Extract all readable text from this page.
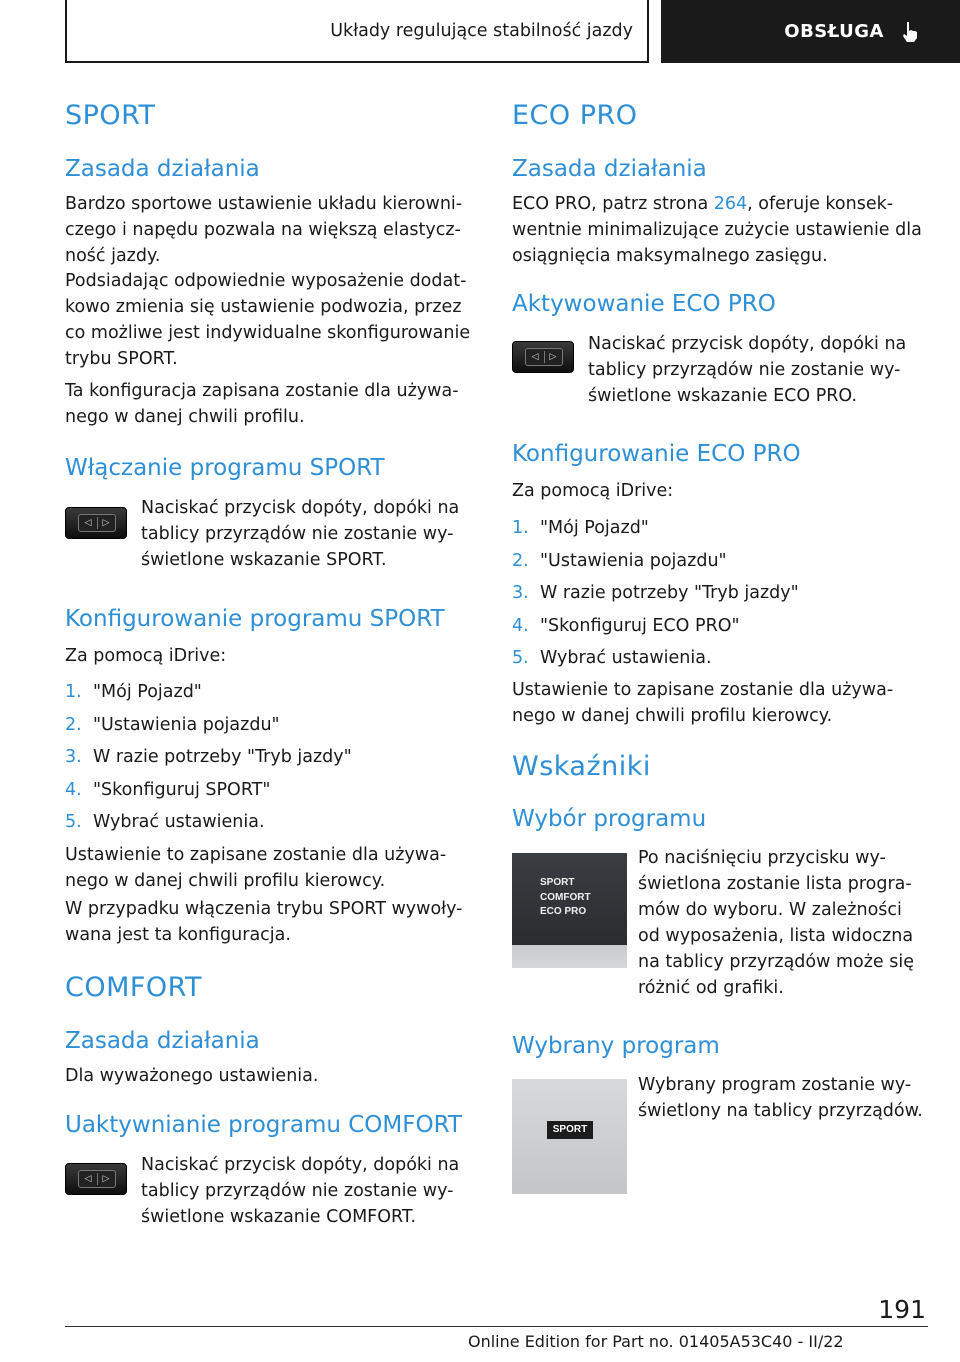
Układy regulujące stabilność jazdy	OBSŁUGA
SPORT
Zasada działania
Bardzo sportowe ustawienie układu kierowni-
czego i napędu pozwala na większą elastycz-
ność jazdy.
Podsiadając odpowiednie wyposażenie dodat-
kowo zmienia się ustawienie podwozia, przez
co możliwe jest indywidualne skonfigurowanie
trybu SPORT.
Ta konfiguracja zapisana zostanie dla używa-
nego w danej chwili profilu.
Włączanie programu SPORT
◁ ▷
Naciskać przycisk dopóty, dopóki na
tablicy przyrządów nie zostanie wy-
świetlone wskazanie SPORT.
Konfigurowanie programu SPORT
Za pomocą iDrive:
1. "Mój Pojazd"
2. "Ustawienia pojazdu"
3. W razie potrzeby "Tryb jazdy"
4. "Skonfiguruj SPORT"
5. Wybrać ustawienia.
Ustawienie to zapisane zostanie dla używa-
nego w danej chwili profilu kierowcy.
W przypadku włączenia trybu SPORT wywoły-
wana jest ta konfiguracja.
COMFORT
Zasada działania
Dla wyważonego ustawienia.
Uaktywnianie programu COMFORT
◁ ▷
Naciskać przycisk dopóty, dopóki na
tablicy przyrządów nie zostanie wy-
świetlone wskazanie COMFORT.
ECO PRO
Zasada działania
ECO PRO, patrz strona 264, oferuje konsek-
wentnie minimalizujące zużycie ustawienie dla
osiągnięcia maksymalnego zasięgu.
Aktywowanie ECO PRO
◁ ▷
Naciskać przycisk dopóty, dopóki na
tablicy przyrządów nie zostanie wy-
świetlone wskazanie ECO PRO.
Konfigurowanie ECO PRO
Za pomocą iDrive:
1. "Mój Pojazd"
2. "Ustawienia pojazdu"
3. W razie potrzeby "Tryb jazdy"
4. "Skonfiguruj ECO PRO"
5. Wybrać ustawienia.
Ustawienie to zapisane zostanie dla używa-
nego w danej chwili profilu kierowcy.
Wskaźniki
Wybór programu
SPORT
COMFORT
ECO PRO
Po naciśnięciu przycisku wy-
świetlona zostanie lista progra-
mów do wyboru. W zależności
od wyposażenia, lista widoczna
na tablicy przyrządów może się
różnić od grafiki.
Wybrany program
SPORT
Wybrany program zostanie wy-
świetlony na tablicy przyrządów.
191
Online Edition for Part no. 01405A53C40 - II/22
